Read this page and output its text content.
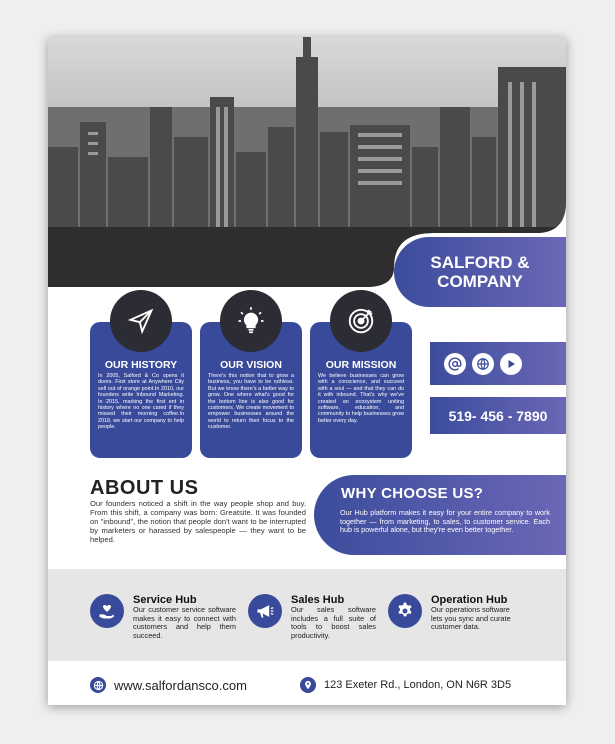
SALFORD &
COMPANY
OUR HISTORY

In 2005, Salford & Co opens it doors. First store at Anywhere City sell out of orange point.In 2010, our founders write Inbound Marketing. In 2015, marking the first ent in history where no one cared if they missed their morning coffee.In 2018, we start our company to help people.

OUR VISION

There's this notion that to grow a business, you have to be ruthless. But we know there's a better way to grow. One where what's good for the bottom line is also good for customers. We create movement to empower businesses around the world to return their focus to the customer.

OUR MISSION

We believe businesses can grow with a conscience, and succeed with a soul — and that they can do it with inbound. That's why we've created an ecosystem uniting software, education, and community to help businesses grow better every day.	519- 456 - 7890
ABOUT US
Our founders noticed a shift in the way people shop and buy. From this shift, a company was born: Greatsite. It was founded on "inbound", the notion that people don't want to be interrupted by marketers or harassed by salespeople — they want to be helped.
WHY CHOOSE US?

Our Hub platform makes it easy for your entire company to work together — from marketing, to sales, to customer service. Each hub is powerful alone, but they're even better together.

Service Hub

Our customer service software makes it easy to connect with customers and help them succeed.

Sales Hub

Our sales software includes a full suite of tools to boost sales productivity.

Operation Hub

Our operations software lets you sync and curate customer data.

www.salfordansco.com	123 Exeter Rd., London, ON N6R 3D5
